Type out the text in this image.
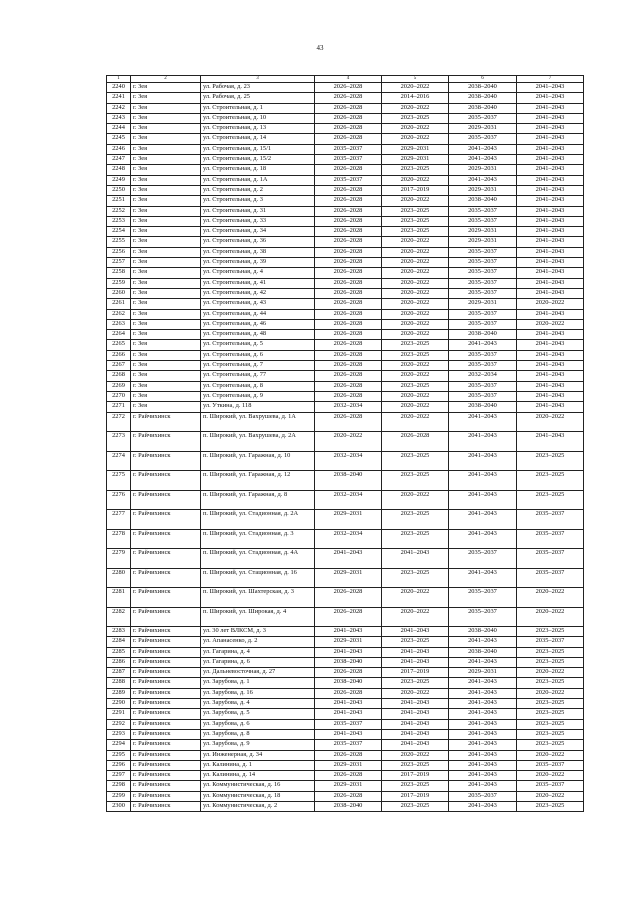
43
1	2	3	4	5	6	7
2240	г. Зея	ул. Рабочая, д. 23	2026–2028	2020–2022	2038–2040	2041–2043
2241	г. Зея	ул. Рабочая, д. 25	2026–2028	2014–2016	2038–2040	2041–2043
2242	г. Зея	ул. Строительная, д. 1	2026–2028	2020–2022	2038–2040	2041–2043
2243	г. Зея	ул. Строительная, д. 10	2026–2028	2023–2025	2035–2037	2041–2043
2244	г. Зея	ул. Строительная, д. 13	2026–2028	2020–2022	2029–2031	2041–2043
2245	г. Зея	ул. Строительная, д. 14	2026–2028	2020–2022	2035–2037	2041–2043
2246	г. Зея	ул. Строительная, д. 15/1	2035–2037	2029–2031	2041–2043	2041–2043
2247	г. Зея	ул. Строительная, д. 15/2	2035–2037	2029–2031	2041–2043	2041–2043
2248	г. Зея	ул. Строительная, д. 18	2026–2028	2023–2025	2029–2031	2041–2043
2249	г. Зея	ул. Строительная, д. 1А	2035–2037	2020–2022	2041–2043	2041–2043
2250	г. Зея	ул. Строительная, д. 2	2026–2028	2017–2019	2029–2031	2041–2043
2251	г. Зея	ул. Строительная, д. 3	2026–2028	2020–2022	2038–2040	2041–2043
2252	г. Зея	ул. Строительная, д. 31	2026–2028	2023–2025	2035–2037	2041–2043
2253	г. Зея	ул. Строительная, д. 33	2026–2028	2023–2025	2035–2037	2041–2043
2254	г. Зея	ул. Строительная, д. 34	2026–2028	2023–2025	2029–2031	2041–2043
2255	г. Зея	ул. Строительная, д. 36	2026–2028	2020–2022	2029–2031	2041–2043
2256	г. Зея	ул. Строительная, д. 38	2026–2028	2020–2022	2035–2037	2041–2043
2257	г. Зея	ул. Строительная, д. 39	2026–2028	2020–2022	2035–2037	2041–2043
2258	г. Зея	ул. Строительная, д. 4	2026–2028	2020–2022	2035–2037	2041–2043
2259	г. Зея	ул. Строительная, д. 41	2026–2028	2020–2022	2035–2037	2041–2043
2260	г. Зея	ул. Строительная, д. 42	2026–2028	2020–2022	2035–2037	2041–2043
2261	г. Зея	ул. Строительная, д. 43	2026–2028	2020–2022	2029–2031	2020–2022
2262	г. Зея	ул. Строительная, д. 44	2026–2028	2020–2022	2035–2037	2041–2043
2263	г. Зея	ул. Строительная, д. 46	2026–2028	2020–2022	2035–2037	2020–2022
2264	г. Зея	ул. Строительная, д. 48	2026–2028	2020–2022	2038–2040	2041–2043
2265	г. Зея	ул. Строительная, д. 5	2026–2028	2023–2025	2041–2043	2041–2043
2266	г. Зея	ул. Строительная, д. 6	2026–2028	2023–2025	2035–2037	2041–2043
2267	г. Зея	ул. Строительная, д. 7	2026–2028	2020–2022	2035–2037	2041–2043
2268	г. Зея	ул. Строительная, д. 77	2026–2028	2020–2022	2032–2034	2041–2043
2269	г. Зея	ул. Строительная, д. 8	2026–2028	2023–2025	2035–2037	2041–2043
2270	г. Зея	ул. Строительная, д. 9	2026–2028	2020–2022	2035–2037	2041–2043
2271	г. Зея	ул. Уткина, д. 118	2032–2034	2020–2022	2038–2040	2041–2043
2272	г. Райчихинск	п. Широкий, ул. Вахрушева, д. 1А	2026–2028	2020–2022	2041–2043	2020–2022
2273	г. Райчихинск	п. Широкий, ул. Вахрушева, д. 2А	2020–2022	2026–2028	2041–2043	2041–2043
2274	г. Райчихинск	п. Широкий, ул. Гаражная, д. 10	2032–2034	2023–2025	2041–2043	2023–2025
2275	г. Райчихинск	п. Широкий, ул. Гаражная, д. 12	2038–2040	2023–2025	2041–2043	2023–2025
2276	г. Райчихинск	п. Широкий, ул. Гаражная, д. 8	2032–2034	2020–2022	2041–2043	2023–2025
2277	г. Райчихинск	п. Широкий, ул. Стадионная, д. 2А	2029–2031	2023–2025	2041–2043	2035–2037
2278	г. Райчихинск	п. Широкий, ул. Стадионная, д. 3	2032–2034	2023–2025	2041–2043	2035–2037
2279	г. Райчихинск	п. Широкий, ул. Стадионная, д. 4А	2041–2043	2041–2043	2035–2037	2035–2037
2280	г. Райчихинск	п. Широкий, ул. Стационная, д. 16	2029–2031	2023–2025	2041–2043	2035–2037
2281	г. Райчихинск	п. Широкий, ул. Шахтерская, д. 3	2026–2028	2020–2022	2035–2037	2020–2022
2282	г. Райчихинск	п. Широкий, ул. Широкая, д. 4	2026–2028	2020–2022	2035–2037	2020–2022
2283	г. Райчихинск	ул. 30 лет ВЛКСМ, д. 3	2041–2043	2041–2043	2038–2040	2023–2025
2284	г. Райчихинск	ул. Апанасенко, д. 2	2029–2031	2023–2025	2041–2043	2035–2037
2285	г. Райчихинск	ул. Гагарина, д. 4	2041–2043	2041–2043	2038–2040	2023–2025
2286	г. Райчихинск	ул. Гагарина, д. 6	2038–2040	2041–2043	2041–2043	2023–2025
2287	г. Райчихинск	ул. Дальневосточная, д. 27	2026–2028	2017–2019	2029–2031	2020–2022
2288	г. Райчихинск	ул. Зарубова, д. 1	2038–2040	2023–2025	2041–2043	2023–2025
2289	г. Райчихинск	ул. Зарубова, д. 16	2026–2028	2020–2022	2041–2043	2020–2022
2290	г. Райчихинск	ул. Зарубова, д. 4	2041–2043	2041–2043	2041–2043	2023–2025
2291	г. Райчихинск	ул. Зарубова, д. 5	2041–2043	2041–2043	2041–2043	2023–2025
2292	г. Райчихинск	ул. Зарубова, д. 6	2035–2037	2041–2043	2041–2043	2023–2025
2293	г. Райчихинск	ул. Зарубова, д. 8	2041–2043	2041–2043	2041–2043	2023–2025
2294	г. Райчихинск	ул. Зарубова, д. 9	2035–2037	2041–2043	2041–2043	2023–2025
2295	г. Райчихинск	ул. Инженерная, д. 34	2026–2028	2020–2022	2041–2043	2020–2022
2296	г. Райчихинск	ул. Калинина, д. 1	2029–2031	2023–2025	2041–2043	2035–2037
2297	г. Райчихинск	ул. Калинина, д. 14	2026–2028	2017–2019	2041–2043	2020–2022
2298	г. Райчихинск	ул. Коммунистическая, д. 16	2029–2031	2023–2025	2041–2043	2035–2037
2299	г. Райчихинск	ул. Коммунистическая, д. 18	2026–2028	2017–2019	2035–2037	2020–2022
2300	г. Райчихинск	ул. Коммунистическая, д. 2	2038–2040	2023–2025	2041–2043	2023–2025
